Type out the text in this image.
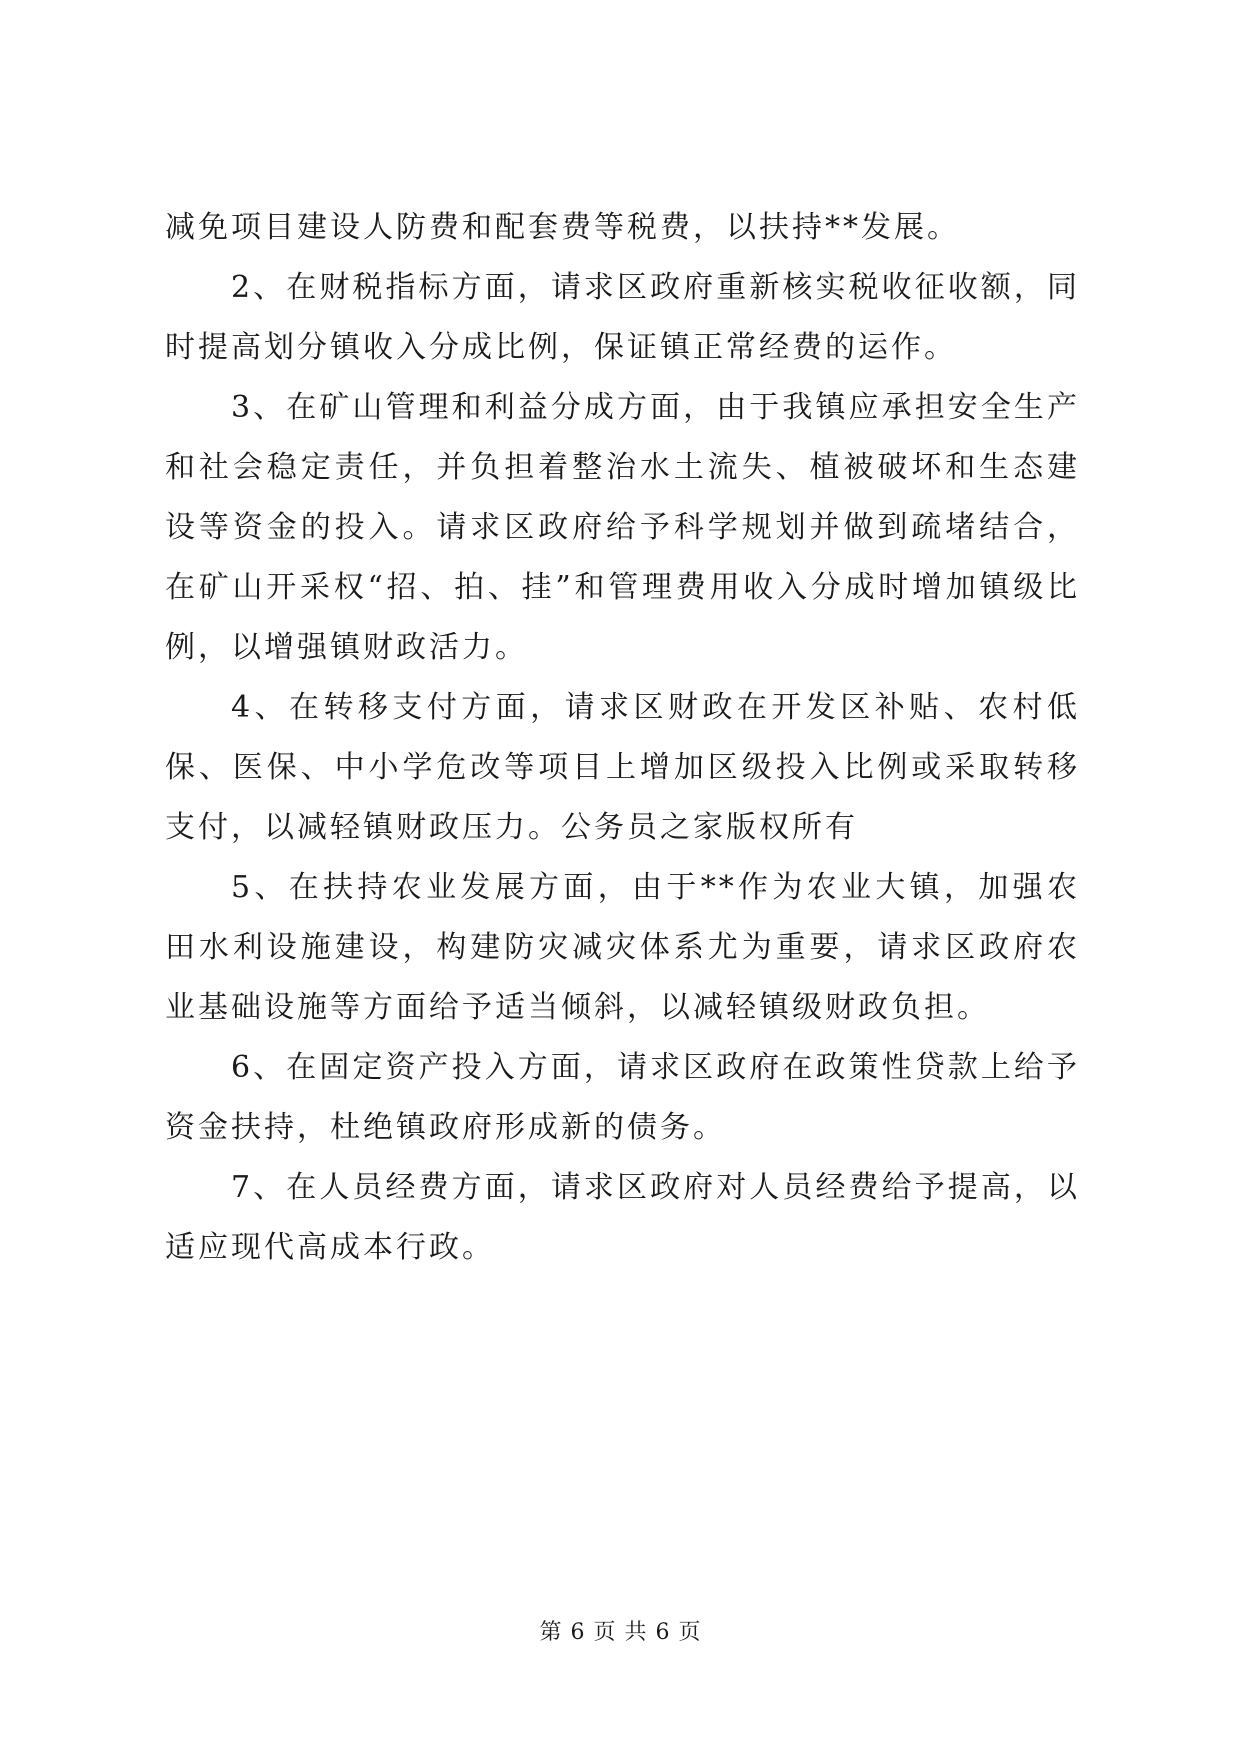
减免项目建设人防费和配套费等税费，以扶持**发展。

2、在财税指标方面，请求区政府重新核实税收征收额，同时提高划分镇收入分成比例，保证镇正常经费的运作。

3、在矿山管理和利益分成方面，由于我镇应承担安全生产和社会稳定责任，并负担着整治水土流失、植被破坏和生态建设等资金的投入。请求区政府给予科学规划并做到疏堵结合，在矿山开采权“招、拍、挂”和管理费用收入分成时增加镇级比例，以增强镇财政活力。

4、在转移支付方面，请求区财政在开发区补贴、农村低保、医保、中小学危改等项目上增加区级投入比例或采取转移支付，以减轻镇财政压力。公务员之家版权所有

5、在扶持农业发展方面，由于**作为农业大镇，加强农田水利设施建设，构建防灾减灾体系尤为重要，请求区政府农业基础设施等方面给予适当倾斜，以减轻镇级财政负担。

6、在固定资产投入方面，请求区政府在政策性贷款上给予资金扶持，杜绝镇政府形成新的债务。

7、在人员经费方面，请求区政府对人员经费给予提高，以适应现代高成本行政。

第 6 页 共 6 页
